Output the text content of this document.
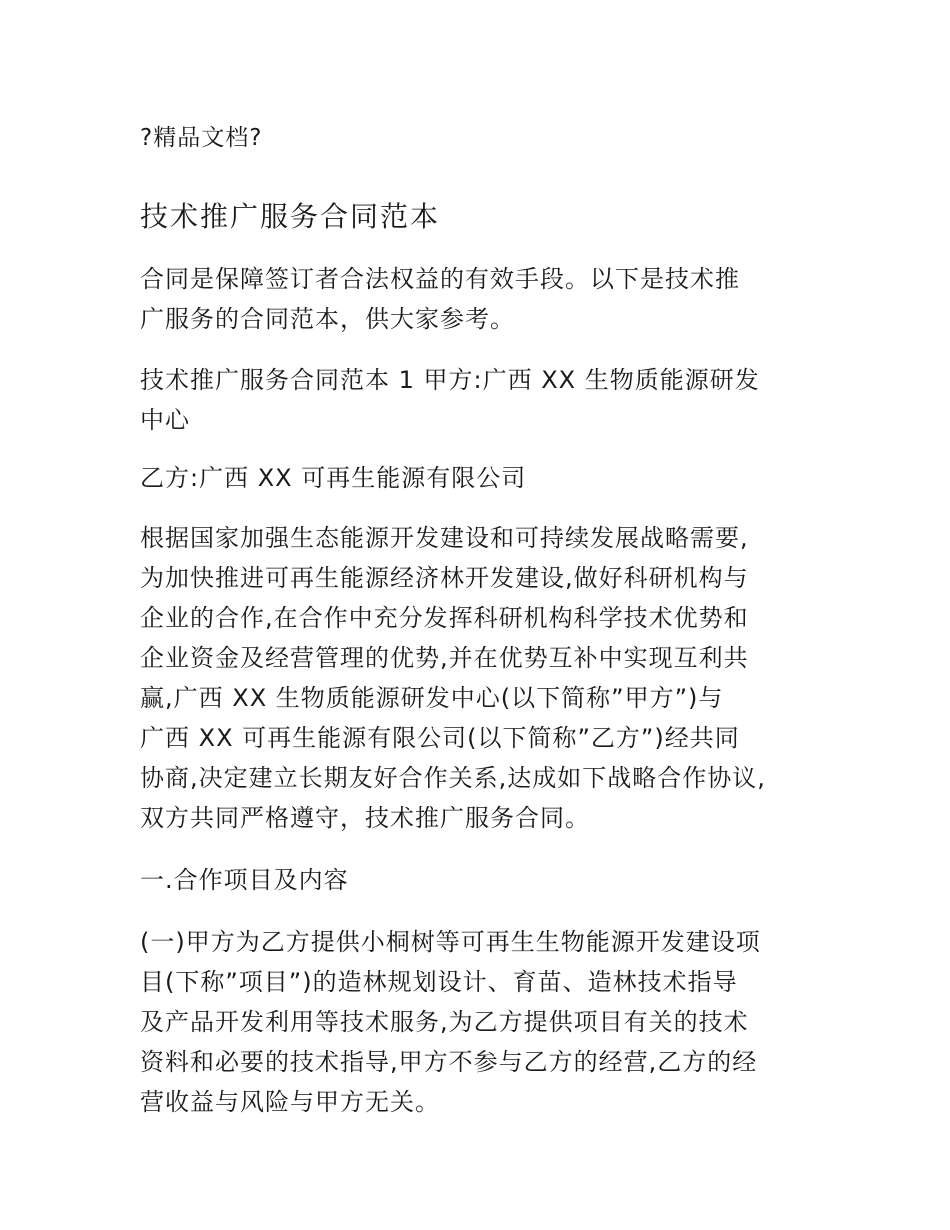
?精品文档?
技术推广服务合同范本
合同是保障签订者合法权益的有效手段。以下是技术推
广服务的合同范本，供大家参考。
技术推广服务合同范本 1 甲方:广西 XX 生物质能源研发
中心
乙方:广西 XX 可再生能源有限公司
根据国家加强生态能源开发建设和可持续发展战略需要,
为加快推进可再生能源经济林开发建设,做好科研机构与
企业的合作,在合作中充分发挥科研机构科学技术优势和
企业资金及经营管理的优势,并在优势互补中实现互利共
赢,广西 XX 生物质能源研发中心(以下简称”甲方”)与
广西 XX 可再生能源有限公司(以下简称”乙方”)经共同
协商,决定建立长期友好合作关系,达成如下战略合作协议,
双方共同严格遵守，技术推广服务合同。
一.合作项目及内容
(一)甲方为乙方提供小桐树等可再生生物能源开发建设项
目(下称”项目”)的造林规划设计、育苗、造林技术指导
及产品开发利用等技术服务,为乙方提供项目有关的技术
资料和必要的技术指导,甲方不参与乙方的经营,乙方的经
营收益与风险与甲方无关。
